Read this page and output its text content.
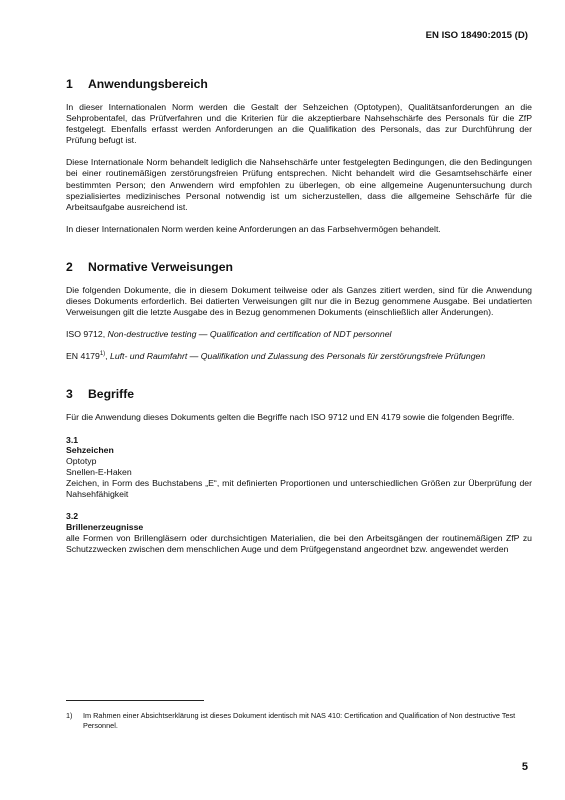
EN ISO 18490:2015 (D)
1	Anwendungsbereich

In dieser Internationalen Norm werden die Gestalt der Sehzeichen (Optotypen), Qualitätsanforderungen an die Sehprobentafel, das Prüfverfahren und die Kriterien für die akzeptierbare Nahsehschärfe des Personals für die ZfP festgelegt. Ebenfalls erfasst werden Anforderungen an die Qualifikation des Personals, das zur Durchführung der Prüfung befugt ist.

Diese Internationale Norm behandelt lediglich die Nahsehschärfe unter festgelegten Bedingungen, die den Bedingungen bei einer routinemäßigen zerstörungsfreien Prüfung entsprechen. Nicht behandelt wird die Gesamtsehschärfe einer bestimmten Person; den Anwendern wird empfohlen zu überlegen, ob eine allgemeine Augenuntersuchung durch spezialisiertes medizinisches Personal notwendig ist um sicherzustellen, dass die allgemeine Sehschärfe für die Arbeitsaufgabe ausreichend ist.

In dieser Internationalen Norm werden keine Anforderungen an das Farbsehvermögen behandelt.

2	Normative Verweisungen

Die folgenden Dokumente, die in diesem Dokument teilweise oder als Ganzes zitiert werden, sind für die Anwendung dieses Dokuments erforderlich. Bei datierten Verweisungen gilt nur die in Bezug genommene Ausgabe. Bei undatierten Verweisungen gilt die letzte Ausgabe des in Bezug genommenen Dokuments (einschließlich aller Änderungen).

ISO 9712, Non-destructive testing — Qualification and certification of NDT personnel

EN 4179$^{1)}$, Luft- und Raumfahrt — Qualifikation und Zulassung des Personals für zerstörungsfreie Prüfungen

3	Begriffe

Für die Anwendung dieses Dokuments gelten die Begriffe nach ISO 9712 und EN 4179 sowie die folgenden Begriffe.

3.1
Sehzeichen
Optotyp
Snellen-E-Haken

Zeichen, in Form des Buchstabens „E“, mit definierten Proportionen und unterschiedlichen Größen zur Überprüfung der Nahsehfähigkeit

3.2
Brillenerzeugnisse

alle Formen von Brillengläsern oder durchsichtigen Materialien, die bei den Arbeitsgängen der routinemäßigen ZfP zu Schutzzwecken zwischen dem menschlichen Auge und dem Prüfgegenstand angeordnet bzw. angewendet werden

1)	Im Rahmen einer Absichtserklärung ist dieses Dokument identisch mit NAS 410: Certification and Qualification of Non destructive Test Personnel.
5
